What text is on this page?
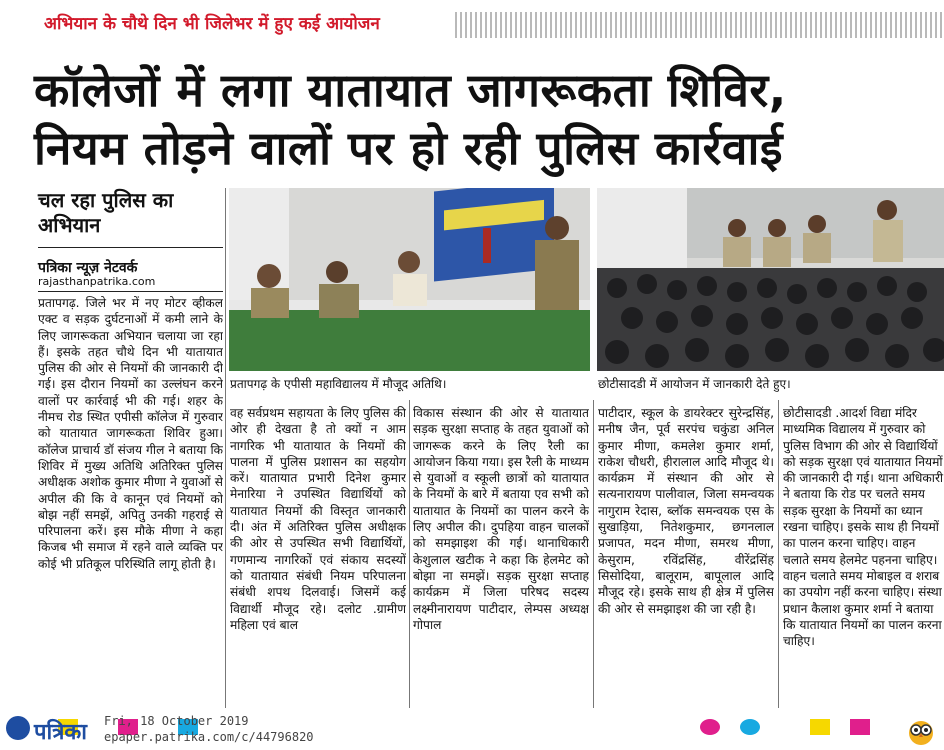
अभियान के चौथे दिन भी जिलेभर में हुए कई आयोजन
कॉलेजों में लगा यातायात जागरूकता शिविर,
नियम तोड़ने वालों पर हो रही पुलिस कार्रवाई
चल रहा पुलिस का अभियान
पत्रिका न्यूज़ नेटवर्क
rajasthanpatrika.com
प्रतापगढ़ के एपीसी महाविद्यालय में मौजूद अतिथि।	छोटीसादडी में आयोजन में जानकारी देते हुए।

प्रतापगढ़. जिले भर में नए मोटर व्हीकल एक्ट व सड़क दुर्घटनाओं में कमी लाने के लिए जागरूकता अभियान चलाया जा रहा हैं। इसके तहत चौथे दिन भी यातायात पुलिस की ओर से नियमों की जानकारी दी गई। इस दौरान नियमों का उल्लंघन करने वालों पर कार्रवाई भी की गई। शहर के नीमच रोड स्थित एपीसी कॉलेज में गुरुवार को यातायात जागरूकता शिविर हुआ। कॉलेज प्राचार्य डॉ संजय गील ने बताया कि शिविर में मुख्य अतिथि अतिरिक्त पुलिस अधीक्षक अशोक कुमार मीणा ने युवाओं से अपील की कि वे कानून एवं नियमों को बोझ नहीं समझें, अपितु उनकी गहराई से परिपालना करें। इस मौके मीणा ने कहा किजब भी समाज में रहने वाले व्यक्ति पर कोई भी प्रतिकूल परिस्थिति लागू होती है।

वह सर्वप्रथम सहायता के लिए पुलिस की ओर ही देखता है तो क्यों न आम नागरिक भी यातायात के नियमों की पालना में पुलिस प्रशासन का सहयोग करें। यातायात प्रभारी दिनेश कुमार मेनारिया ने उपस्थित विद्यार्थियों को यातायात नियमों की विस्तृत जानकारी दी। अंत में अतिरिक्त पुलिस अधीक्षक की ओर से उपस्थित सभी विद्यार्थियों, गणमान्य नागरिकों एवं संकाय सदस्यों को यातायात संबंधी नियम परिपालना संबंधी शपथ दिलवाई। जिसमें कई विद्यार्थी मौजूद रहे। दलोट .ग्रामीण महिला एवं बाल

विकास संस्थान की ओर से यातायात सड़क सुरक्षा सप्ताह के तहत युवाओं को जागरूक करने के लिए रैली का आयोजन किया गया। इस रैली के माध्यम से युवाओं व स्कूली छात्रों को यातायात के नियमों के बारे में बताया एव सभी को यातायात के नियमों का पालन करने के लिए अपील की। दुपहिया वाहन चालकों को समझाइश की गई। थानाधिकारी केशुलाल खटीक ने कहा कि हेलमेट को बोझा ना समझें। सड़क सुरक्षा सप्ताह कार्यक्रम में जिला परिषद सदस्य लक्ष्मीनारायण पाटीदार, लेम्पस अध्यक्ष गोपाल

पाटीदार, स्कूल के डायरेक्टर सुरेन्द्रसिंह, मनीष जैन, पूर्व सरपंच चकुंडा अनिल कुमार मीणा, कमलेश कुमार शर्मा, राकेश चौधरी, हीरालाल आदि मौजूद थे। कार्यक्रम में संस्थान की ओर से सत्यनारायण पालीवाल, जिला समन्वयक नागुराम रेदास, ब्लॉक समन्वयक एस के सुखाड़िया, नितेशकुमार, छगनलाल प्रजापत, मदन मीणा, समरथ मीणा, केसुराम, रविंद्रसिंह, वीरेंद्रसिंह सिसोदिया, बालूराम, बापूलाल आदि मौजूद रहे। इसके साथ ही क्षेत्र में पुलिस की ओर से समझाइश की जा रही है।

छोटीसादडी .आदर्श विद्या मंदिर माध्यमिक विद्यालय में गुरुवार को पुलिस विभाग की ओर से विद्यार्थियों को सड़क सुरक्षा एवं यातायात नियमों की जानकारी दी गई। थाना अधिकारी ने बताया कि रोड पर चलते समय सड़क सुरक्षा के नियमों का ध्यान रखना चाहिए। इसके साथ ही नियमों का पालन करना चाहिए। वाहन चलाते समय हेलमेट पहनना चाहिए। वाहन चलाते समय मोबाइल व शराब का उपयोग नहीं करना चाहिए। संस्था प्रधान कैलाश कुमार शर्मा ने बताया कि यातायात नियमों का पालन करना चाहिए।

पत्रिका Fri, 18 October 2019
epaper.patrika.com/c/44796820
